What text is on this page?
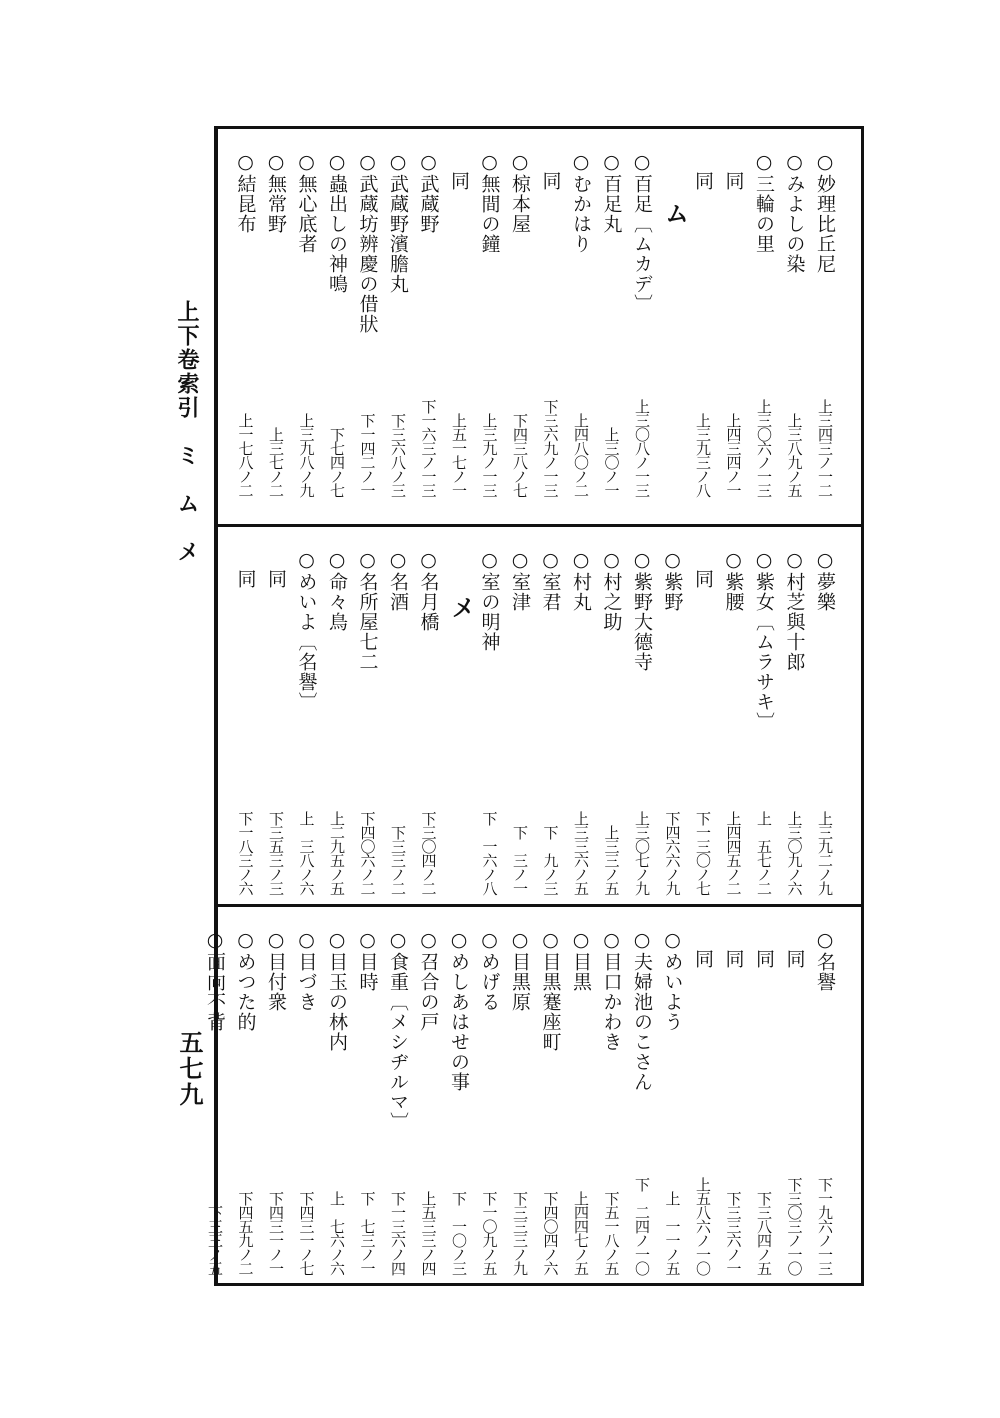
上下卷索引　ミ　ム　メ
五七九
○妙理比丘尼
上三四三ノ一二
○みよしの染
上三八九ノ五
○三輪の里
上三〇六ノ一三
　同
上四三四ノ一
　同
上三九三ノ八
○百足〔ムカデ〕
上三〇八ノ一三
○百足丸
上三〇ノ一
○むかはり
上四八〇ノ二
　同
下三六九ノ一三
○椋本屋
下四三八ノ七
○無間の鐘
上三九ノ一三
　同
上五一七ノ一
○武蔵野
下一六三ノ一三
○武蔵野濱膽丸
下三六八ノ三
○武蔵坊辨慶の借狀
下一四二ノ一
○蟲出しの神鳴
下七四ノ七
○無心底者
上三九八ノ九
○無常野
上三七ノ二
○結昆布
上一七八ノ二
ム
○夢樂
上三九二ノ九
○村芝與十郎
上三〇九ノ六
○紫女〔ムラサキ〕
上　五七ノ二
○紫腰
上四四五ノ二
　同
下一三〇ノ七
○紫野
下四六六ノ九
○紫野大德寺
上三〇七ノ九
○村之助
上三三ノ五
○村丸
上三三六ノ五
○室君
下　九ノ三
○室津
下　三ノ一
○室の明神
下　一六ノ八
○名月橋
下三〇四ノ二
○名酒
下三三ノ二
○名所屋七二
下四〇六ノ二
○命々鳥
上二九五ノ五
○めいよ〔名譽〕
上　三八ノ六
　同
下三五三ノ三
　同
下一八三ノ六
メ
○名譽
下一九六ノ一三
　同
下三〇三ノ一〇
　同
下三八四ノ五
　同
下三三六ノ一
　同
上五八六ノ一〇
○めいよう
上　一一ノ五
○夫婦池のこさん
下　二四ノ一〇
○目口かわき
下五一八ノ五
○目黒
上四四七ノ五
○目黒蹇座町
下四〇四ノ六
○目黒原
下三三三ノ九
○めげる
下一〇九ノ五
○めしあはせの事
下　一〇ノ三
○召合の戸
上五三三ノ四
○食重〔メシヂルマ〕
下一三六ノ四
○目時
下　七三ノ一
○目玉の林内
上　七六ノ六
○目づき
下四三一ノ七
○目付衆
下四三一ノ一
○めつた的
下四五九ノ二
○面向不背
下三三ノ五
